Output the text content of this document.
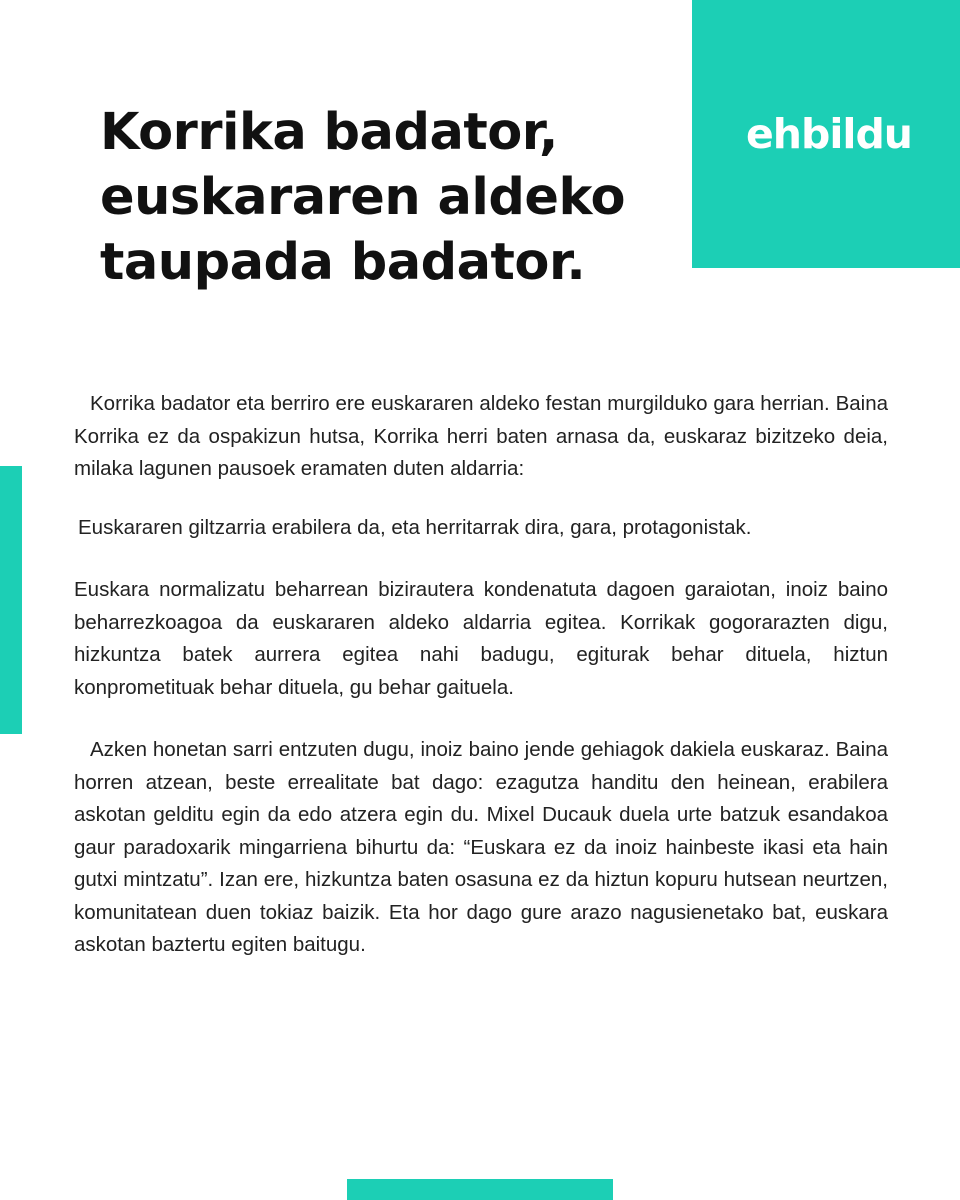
ehbildu
Korrika badator,
euskararen aldeko
taupada badator.

Korrika badator eta berriro ere euskararen aldeko festan murgilduko gara herrian. Baina Korrika ez da ospakizun hutsa, Korrika herri baten arnasa da, euskaraz bizitzeko deia, milaka lagunen pausoek eramaten duten aldarria:

Euskararen giltzarria erabilera da, eta herritarrak dira, gara, protagonistak.

Euskara normalizatu beharrean bizirautera kondenatuta dagoen garaiotan, inoiz baino beharrezkoagoa da euskararen aldeko aldarria egitea. Korrikak gogorarazten digu, hizkuntza batek aurrera egitea nahi badugu, egiturak behar dituela, hiztun konprometituak behar dituela, gu behar gaituela.

Azken honetan sarri entzuten dugu, inoiz baino jende gehiagok dakiela euskaraz. Baina horren atzean, beste errealitate bat dago: ezagutza handitu den heinean, erabilera askotan gelditu egin da edo atzera egin du. Mixel Ducauk duela urte batzuk esandakoa gaur paradoxarik mingarriena bihurtu da: “Euskara ez da inoiz hainbeste ikasi eta hain gutxi mintzatu”. Izan ere, hizkuntza baten osasuna ez da hiztun kopuru hutsean neurtzen, komunitatean duen tokiaz baizik. Eta hor dago gure arazo nagusienetako bat, euskara askotan baztertu egiten baitugu.
